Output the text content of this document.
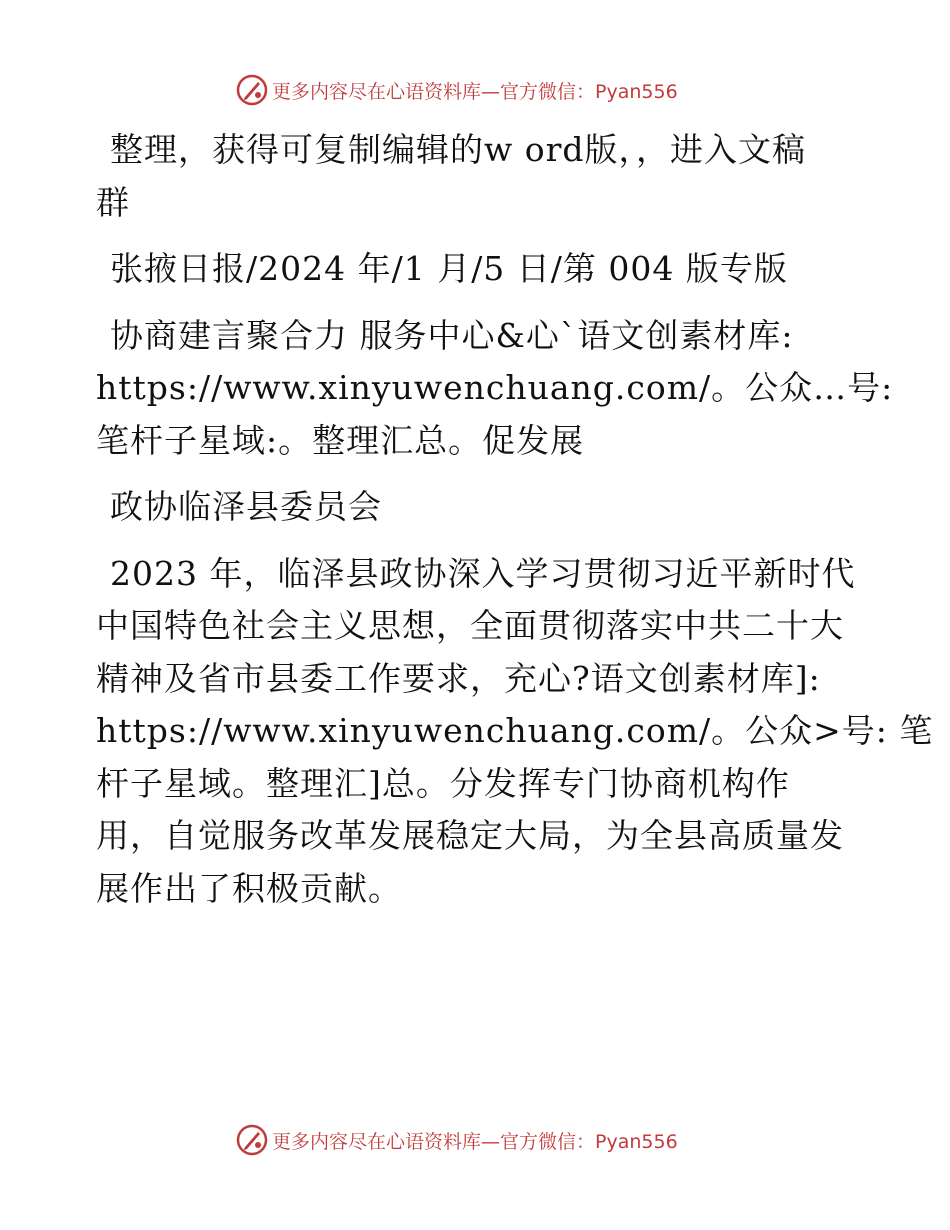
更多内容尽在心语资料库—官方微信：Pyan556
整理，获得可复制编辑的w ord版，，进入文稿
群
张掖日报/2024 年/1 月/5 日/第 004 版专版
协商建言聚合力 服务中心&心`语文创素材库:
https://www.xinyuwenchuang.com/。公众…号:
笔杆子星域:。整理汇总。促发展
政协临泽县委员会
2023 年，临泽县政协深入学习贯彻习近平新时代
中国特色社会主义思想，全面贯彻落实中共二十大
精神及省市县委工作要求，充心?语文创素材库]:
https://www.xinyuwenchuang.com/。公众>号: 笔
杆子星域。整理汇]总。分发挥专门协商机构作
用，自觉服务改革发展稳定大局，为全县高质量发
展作出了积极贡献。
更多内容尽在心语资料库—官方微信：Pyan556
